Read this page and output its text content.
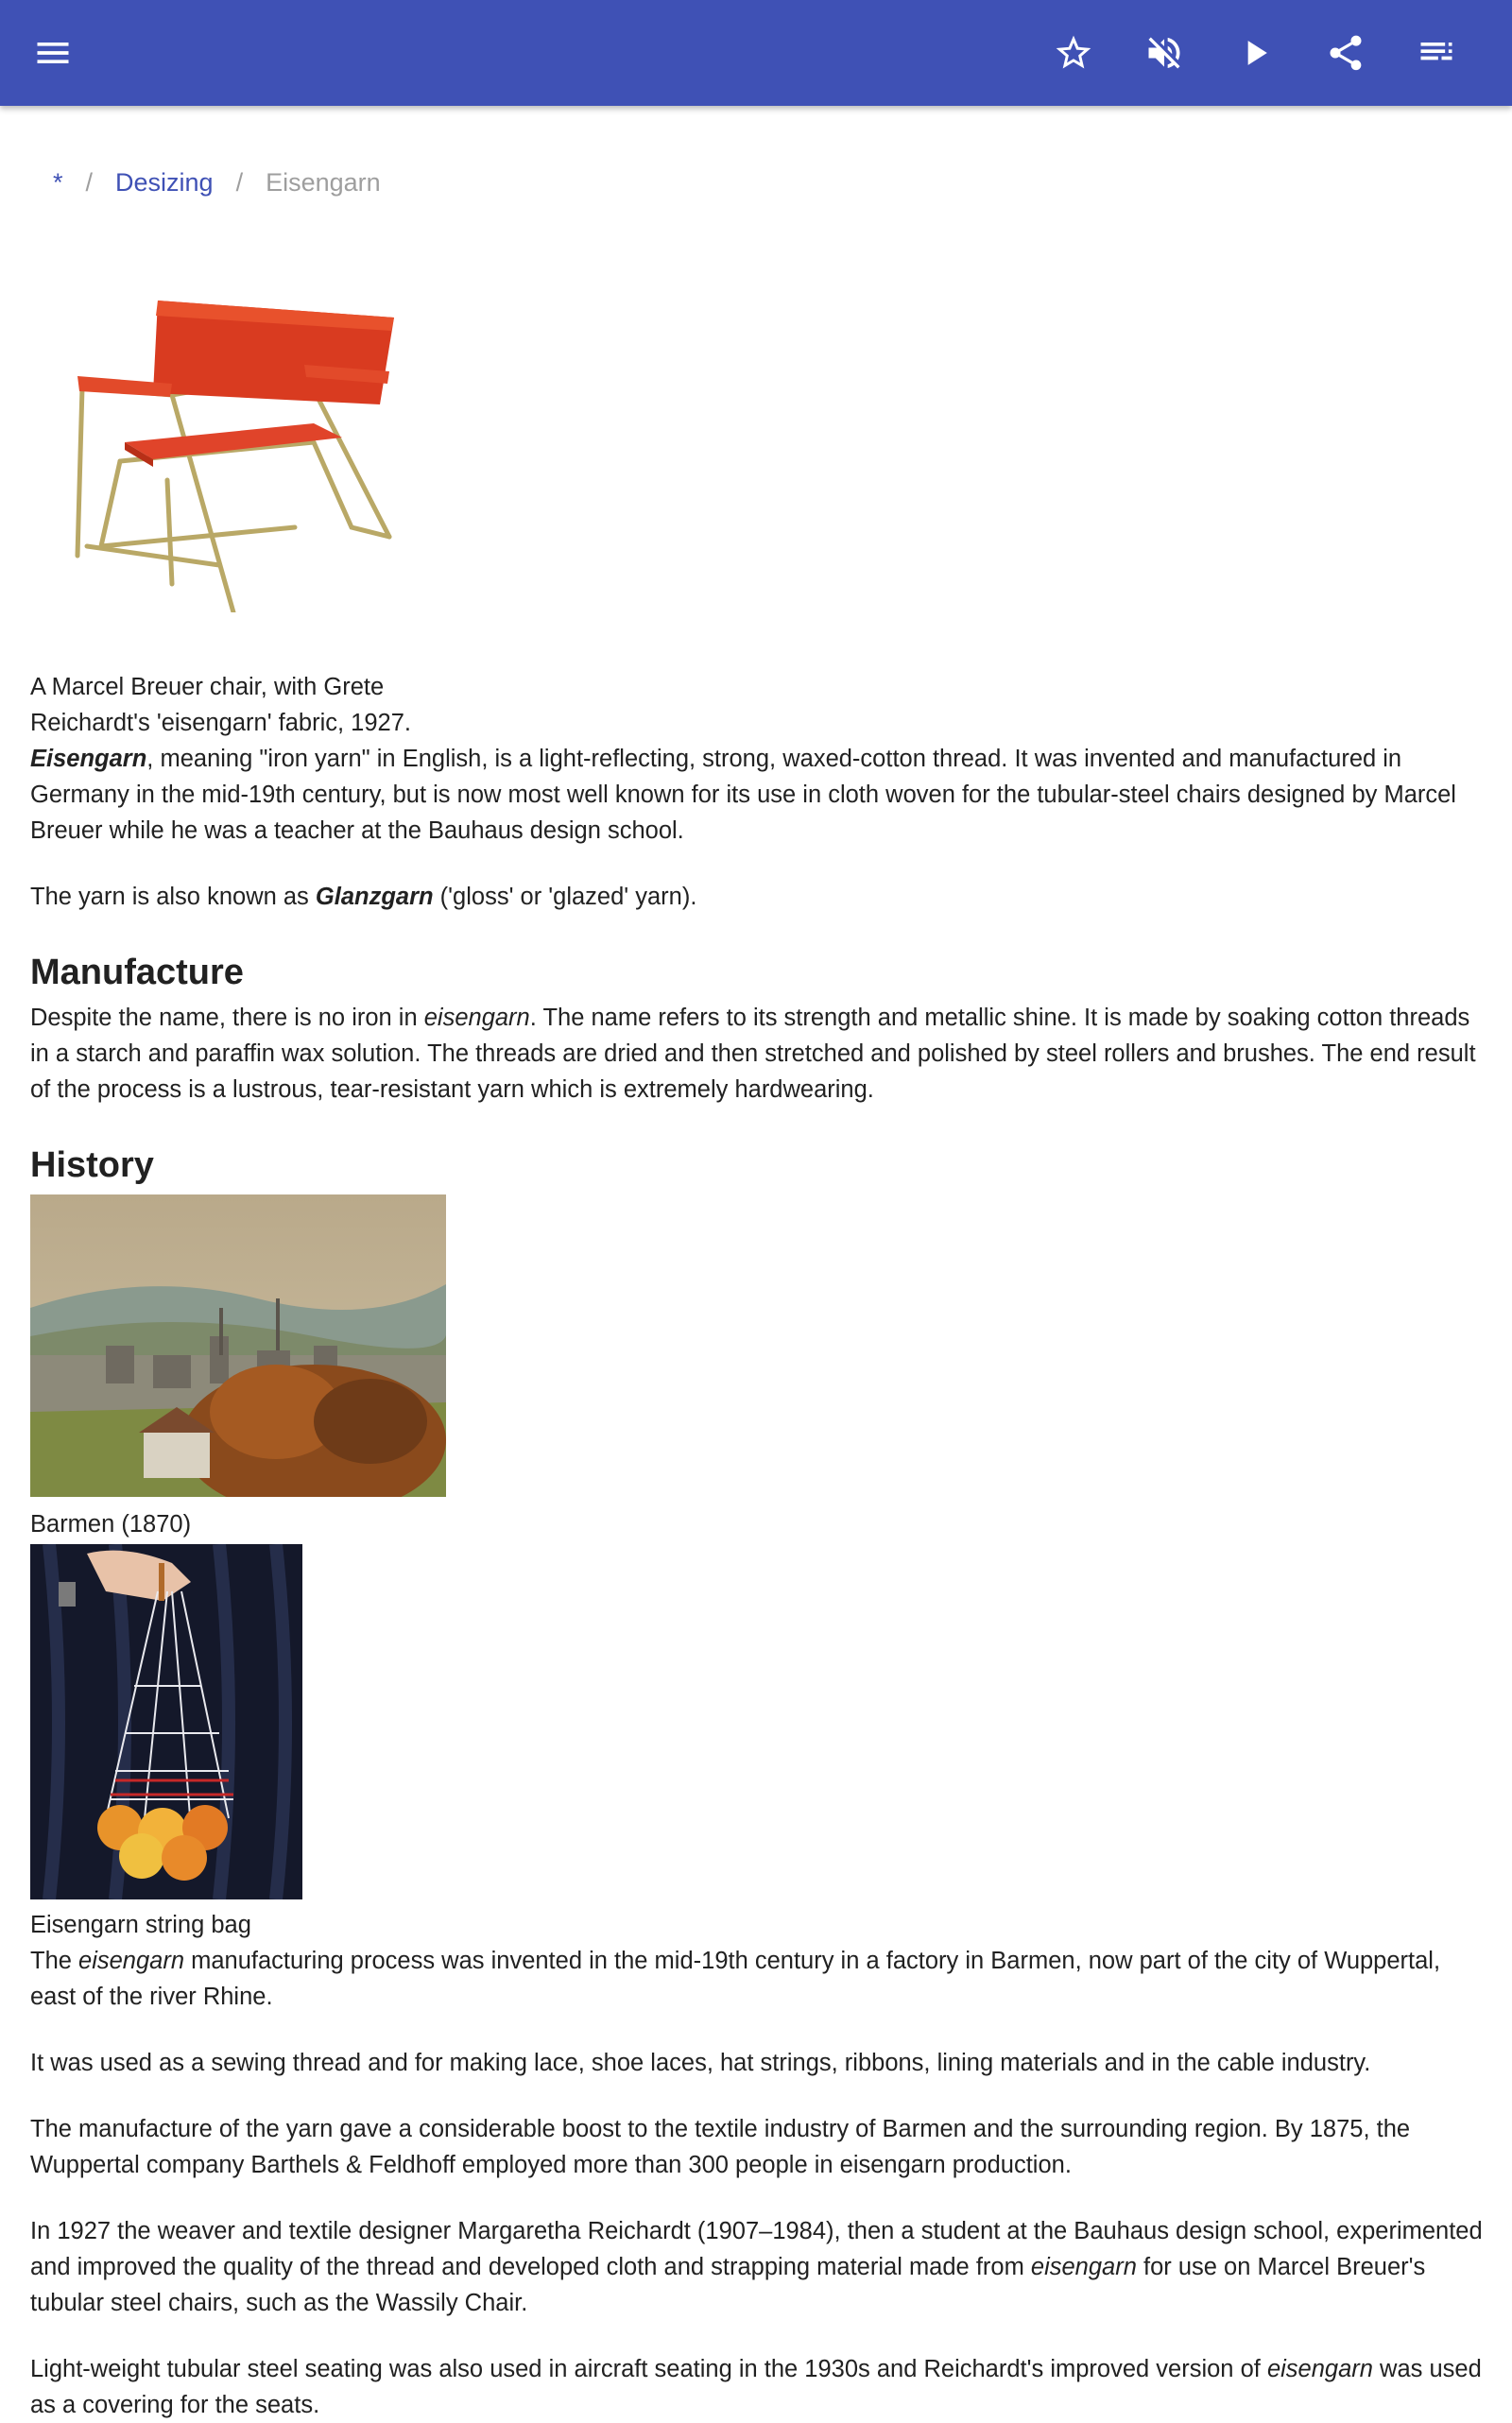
* / Desizing / Eisengarn

A Marcel Breuer chair, with Grete Reichardt's 'eisengarn' fabric, 1927.

Eisengarn, meaning "iron yarn" in English, is a light-reflecting, strong, waxed-cotton thread. It was invented and manufactured in Germany in the mid-19th century, but is now most well known for its use in cloth woven for the tubular-steel chairs designed by Marcel Breuer while he was a teacher at the Bauhaus design school.

The yarn is also known as Glanzgarn ('gloss' or 'glazed' yarn).

Manufacture

Despite the name, there is no iron in eisengarn. The name refers to its strength and metallic shine. It is made by soaking cotton threads in a starch and paraffin wax solution. The threads are dried and then stretched and polished by steel rollers and brushes. The end result of the process is a lustrous, tear-resistant yarn which is extremely hardwearing.

History

Barmen (1870)

Eisengarn string bag

The eisengarn manufacturing process was invented in the mid-19th century in a factory in Barmen, now part of the city of Wuppertal, east of the river Rhine.

It was used as a sewing thread and for making lace, shoe laces, hat strings, ribbons, lining materials and in the cable industry.

The manufacture of the yarn gave a considerable boost to the textile industry of Barmen and the surrounding region. By 1875, the Wuppertal company Barthels & Feldhoff employed more than 300 people in eisengarn production.

In 1927 the weaver and textile designer Margaretha Reichardt (1907–1984), then a student at the Bauhaus design school, experimented and improved the quality of the thread and developed cloth and strapping material made from eisengarn for use on Marcel Breuer's tubular steel chairs, such as the Wassily Chair.

Light-weight tubular steel seating was also used in aircraft seating in the 1930s and Reichardt's improved version of eisengarn was used as a covering for the seats.
